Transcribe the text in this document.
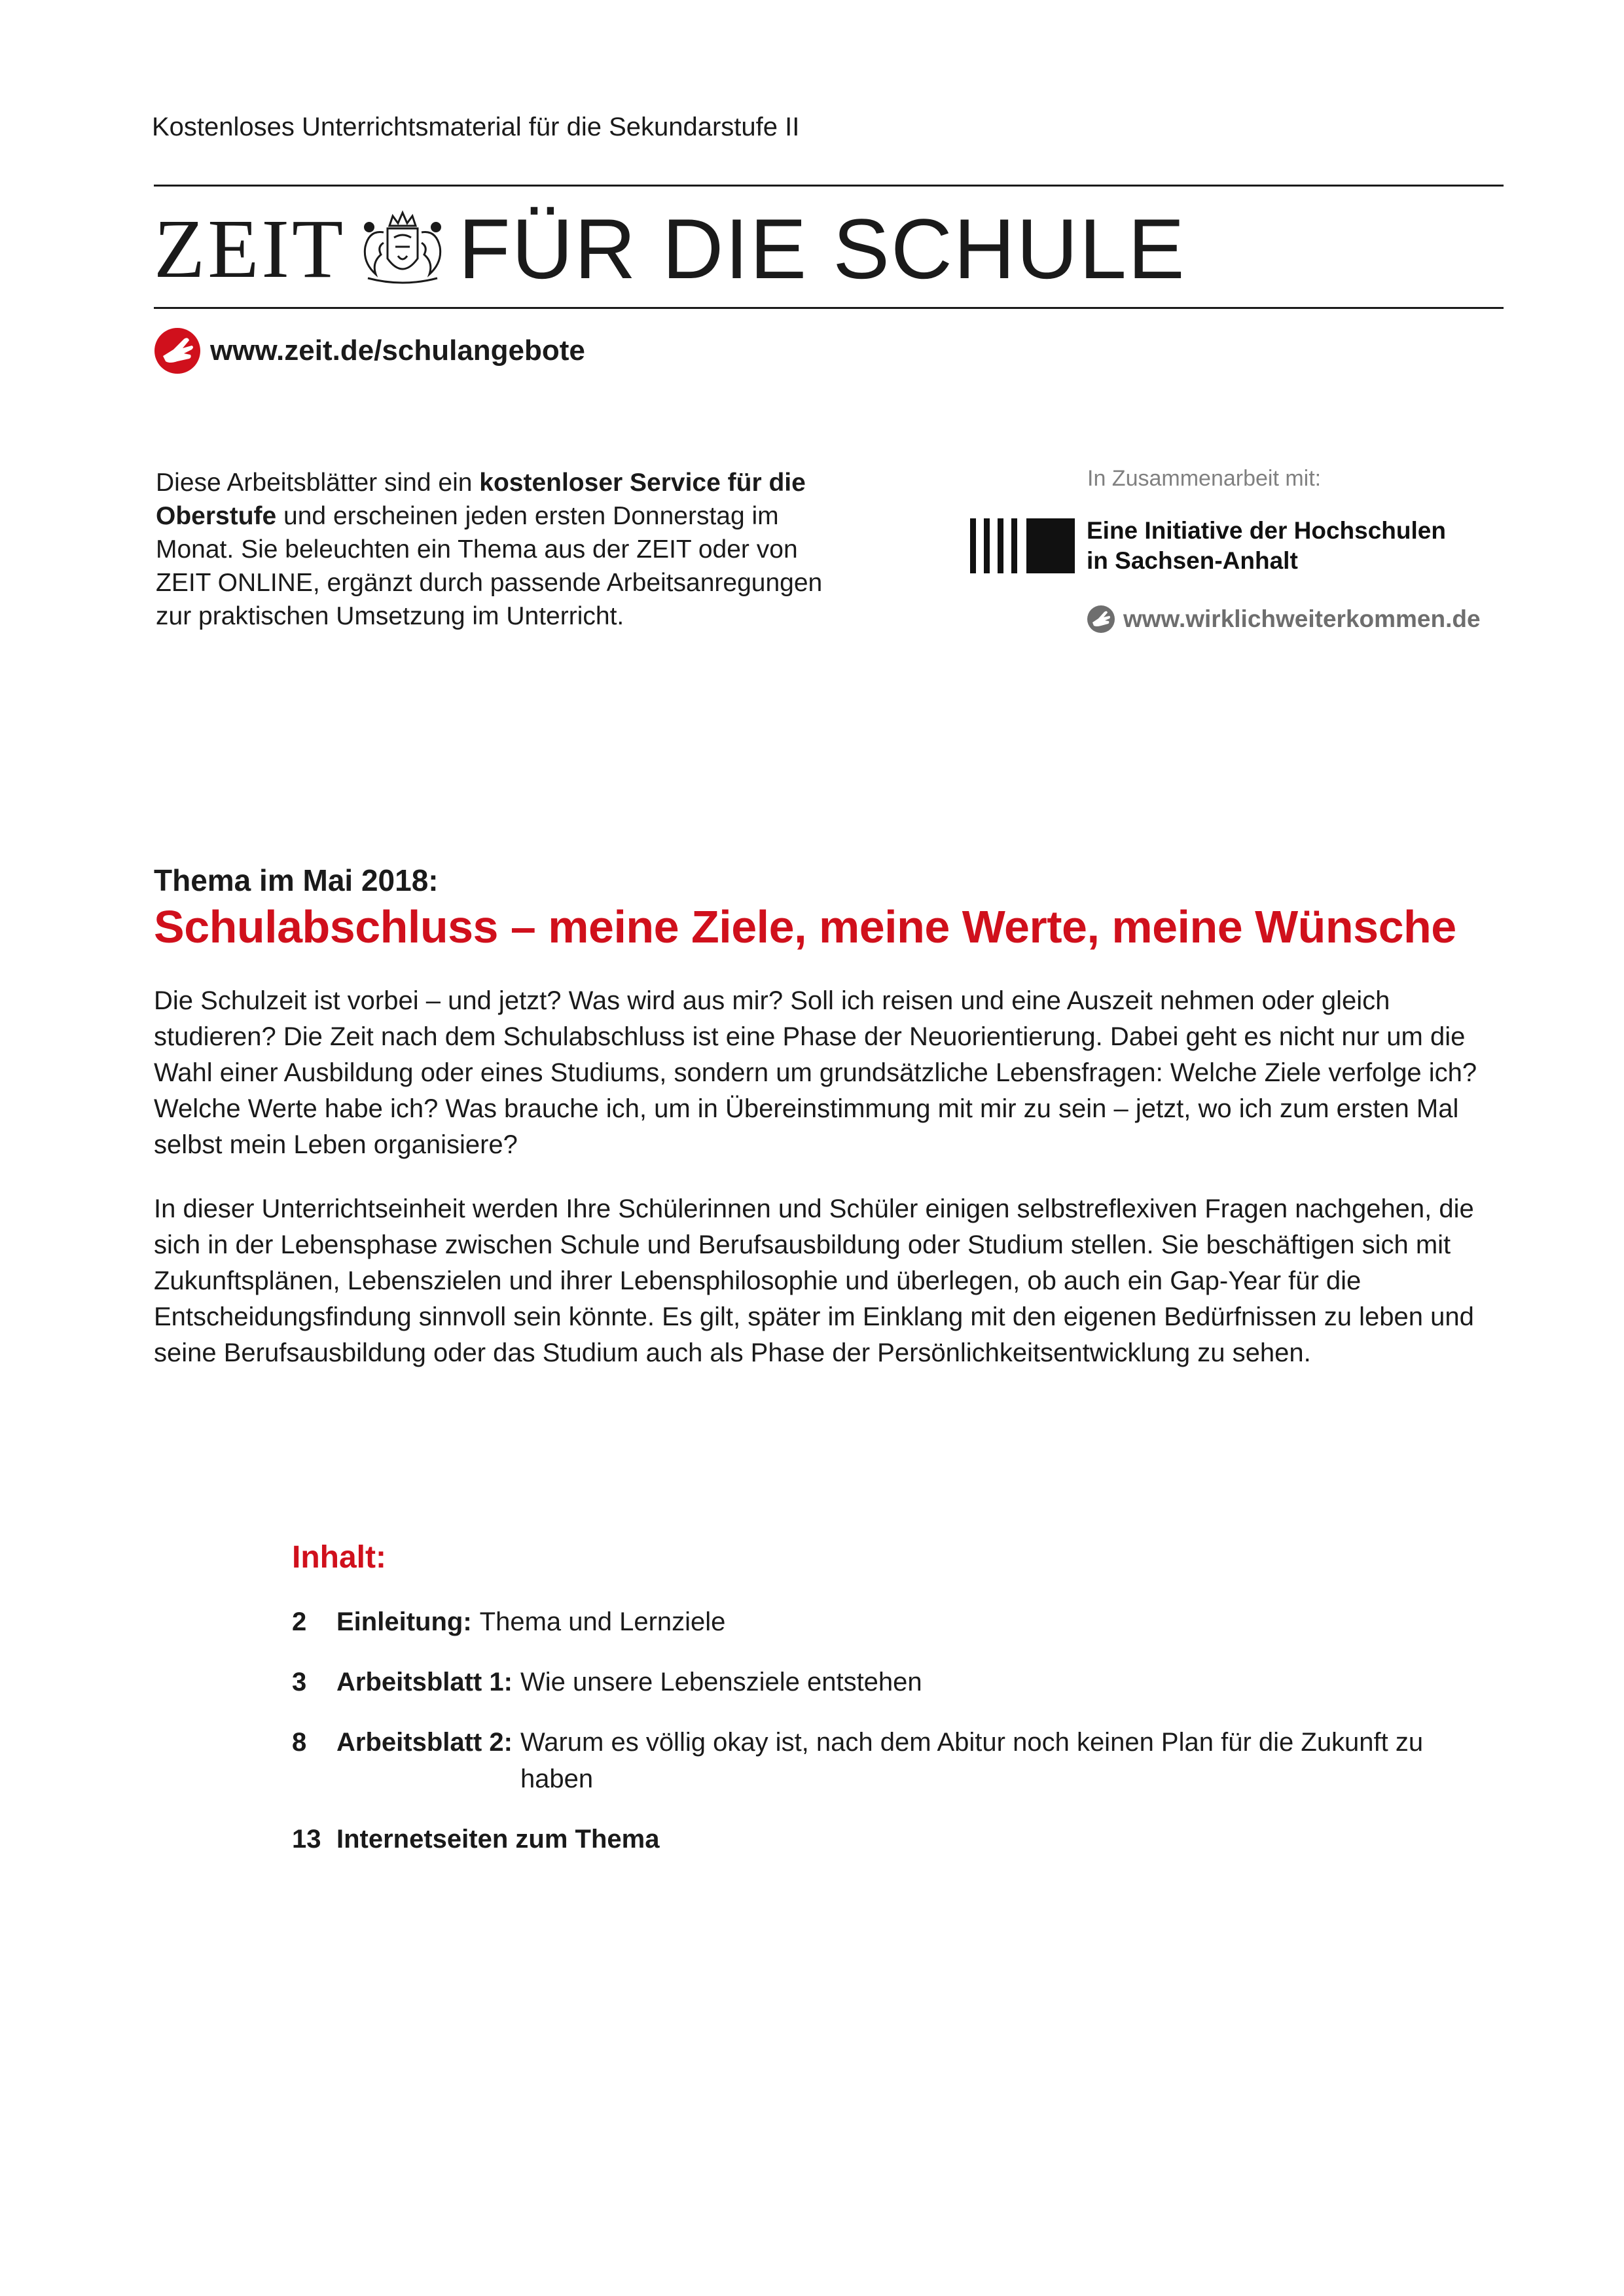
Kostenloses Unterrichtsmaterial für die Sekundarstufe II
ZEIT FÜR DIE SCHULE
www.zeit.de/schulangebote
Diese Arbeitsblätter sind ein kostenloser Service für die Oberstufe und erscheinen jeden ersten Donnerstag im Monat. Sie beleuchten ein Thema aus der ZEIT oder von ZEIT ONLINE, ergänzt durch passende Arbeitsanregungen zur praktischen Umsetzung im Unterricht.
In Zusammenarbeit mit:
Eine Initiative der Hochschulen
in Sachsen-Anhalt
www.wirklichweiterkommen.de
Thema im Mai 2018:
Schulabschluss – meine Ziele, meine Werte, meine Wünsche
Die Schulzeit ist vorbei – und jetzt? Was wird aus mir? Soll ich reisen und eine Auszeit nehmen oder gleich studieren? Die Zeit nach dem Schulabschluss ist eine Phase der Neuorientierung. Dabei geht es nicht nur um die Wahl einer Ausbildung oder eines Studiums, sondern um grundsätzliche Lebensfragen: Welche Ziele verfolge ich? Welche Werte habe ich? Was brauche ich, um in Übereinstimmung mit mir zu sein – jetzt, wo ich zum ersten Mal selbst mein Leben organisiere?
In dieser Unterrichtseinheit werden Ihre Schülerinnen und Schüler einigen selbstreflexiven Fragen nachgehen, die sich in der Lebensphase zwischen Schule und Berufsausbildung oder Studium stellen. Sie beschäftigen sich mit Zukunftsplänen, Lebenszielen und ihrer Lebensphilosophie und überlegen, ob auch ein Gap-Year für die Entscheidungsfindung sinnvoll sein könnte. Es gilt, später im Einklang mit den eigenen Bedürfnissen zu leben und seine Berufsausbildung oder das Studium auch als Phase der Persönlichkeitsentwicklung zu sehen.
Inhalt:
2	Einleitung: Thema und Lernziele
3	Arbeitsblatt 1: Wie unsere Lebensziele entstehen
8	Arbeitsblatt 2: Warum es völlig okay ist, nach dem Abitur noch keinen Plan für die Zukunft zu haben
13 Internetseiten zum Thema
